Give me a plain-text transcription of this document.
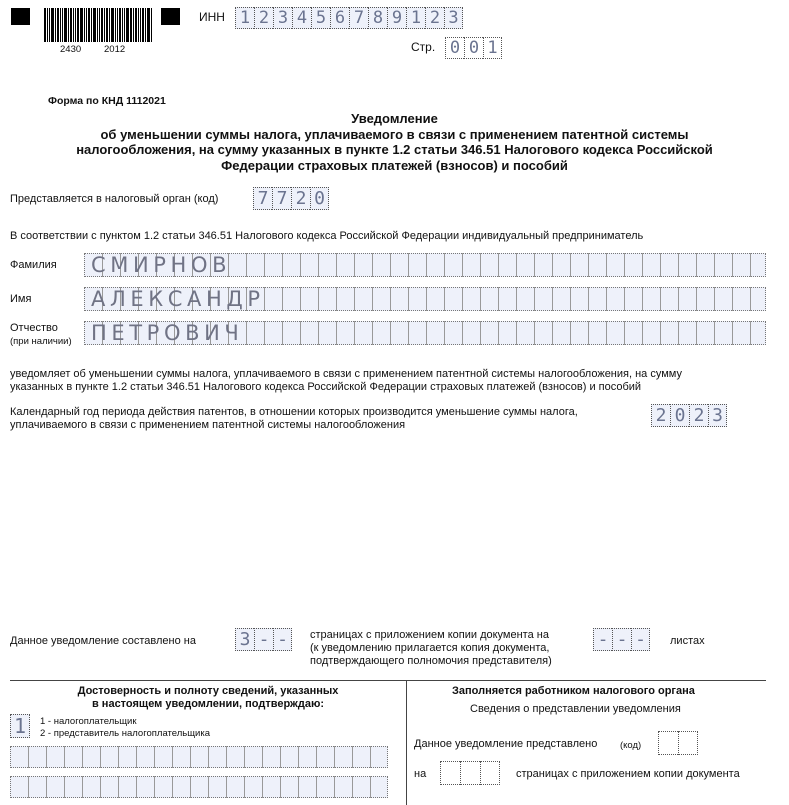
2430 2012
ИНН 1 2 3 4 5 6 7 8 9 1 2 3
Стр. 0 0 1
Форма по КНД 1112021
Уведомление
об уменьшении суммы налога, уплачиваемого в связи с применением патентной системы
налогообложения, на сумму указанных в пункте 1.2 статьи 346.51 Налогового кодекса Российской
Федерации страховых платежей (взносов) и пособий
Представляется в налоговый орган (код) 7 7 2 0
В соответствии с пунктом 1.2 статьи 346.51 Налогового кодекса Российской Федерации индивидуальный предприниматель
Фамилия СМИРНОВ
Имя	АЛЕКСАНДР
Отчество
(при наличии) ПЕТРОВИЧ
уведомляет об уменьшении суммы налога, уплачиваемого в связи с применением патентной системы налогообложения, на сумму
указанных в пункте 1.2 статьи 346.51 Налогового кодекса Российской Федерации страховых платежей (взносов) и пособий
Календарный год периода действия патентов, в отношении которых производится уменьшение суммы налога,
уплачиваемого в связи с применением патентной системы налогообложения	2 0 2 3
Данное уведомление составлено на 3 - -	страницах с приложением копии документа на
(к уведомлению прилагается копия документа,
подтверждающего полномочия представителя)
- - -	листах
Достоверность и полноту сведений, указанных
в настоящем уведомлении, подтверждаю:
1	1 - налогоплательщик
2 - представитель налогоплательщика
Заполняется работником налогового органа
Сведения о представлении уведомления
Данное уведомление представлено (код)
на	страницах с приложением копии документа
